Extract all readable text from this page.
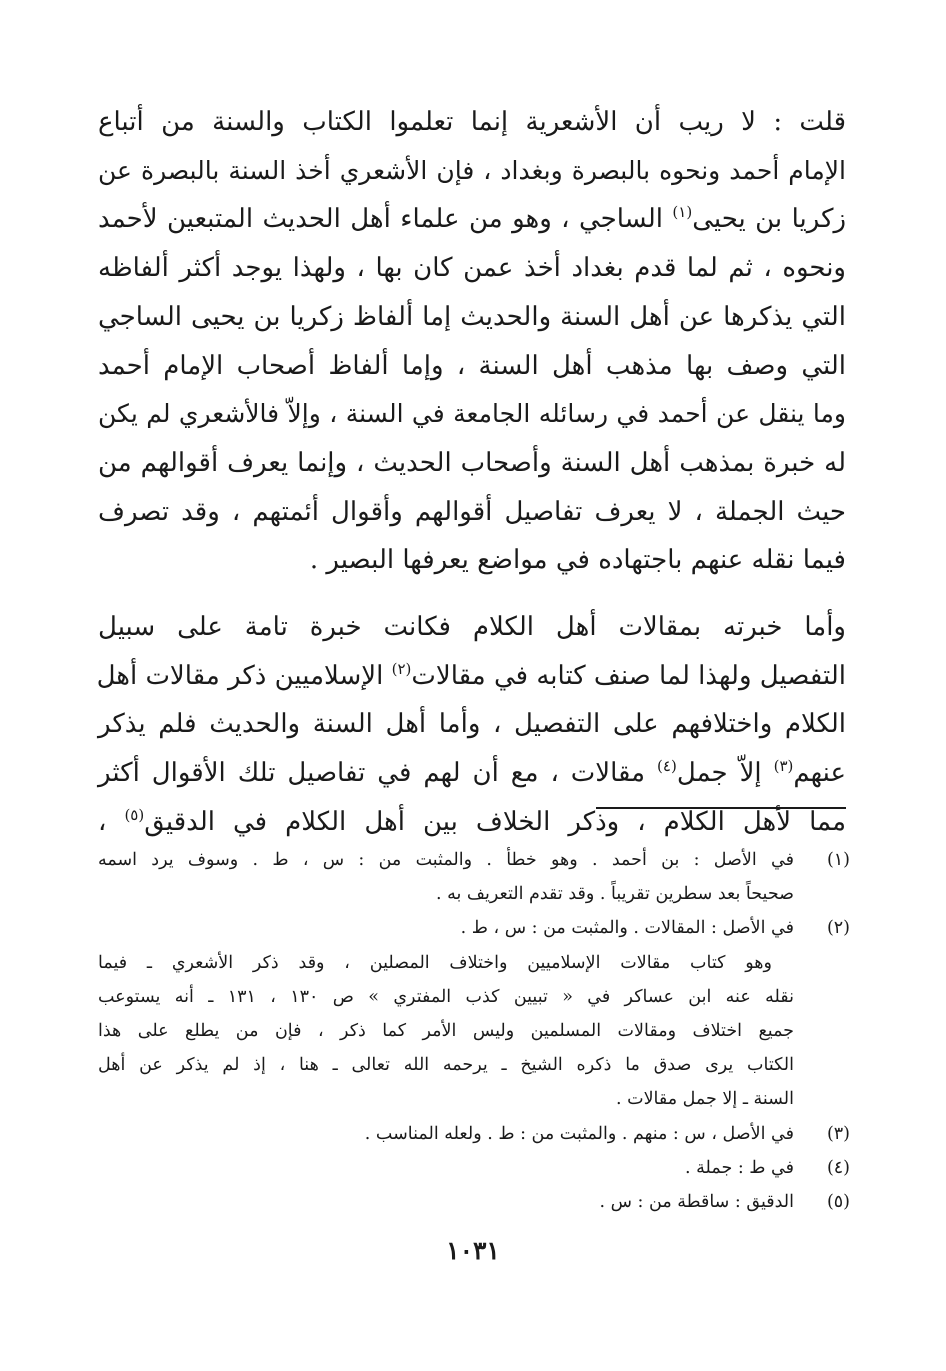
قلت : لا ريب أن الأشعرية إنما تعلموا الكتاب والسنة من أتباع
الإمام أحمد ونحوه بالبصرة وبغداد ، فإن الأشعري أخذ السنة بالبصرة عن
زكريا بن يحيى$^{(١)}$ الساجي ، وهو من علماء أهل الحديث المتبعين لأحمد
ونحوه ، ثم لما قدم بغداد أخذ عمن كان بها ، ولهذا يوجد أكثر ألفاظه
التي يذكرها عن أهل السنة والحديث إما ألفاظ زكريا بن يحيى الساجي
التي وصف بها مذهب أهل السنة ، وإما ألفاظ أصحاب الإمام أحمد
وما ينقل عن أحمد في رسائله الجامعة في السنة ، وإلاّ فالأشعري لم يكن
له خبرة بمذهب أهل السنة وأصحاب الحديث ، وإنما يعرف أقوالهم من
حيث الجملة ، لا يعرف تفاصيل أقوالهم وأقوال أئمتهم ، وقد تصرف
فيما نقله عنهم باجتهاده في مواضع يعرفها البصير .

وأما خبرته بمقالات أهل الكلام فكانت خبرة تامة على سبيل
التفصيل ولهذا لما صنف كتابه في مقالات$^{(٢)}$ الإسلاميين ذكر مقالات أهل
الكلام واختلافهم على التفصيل ، وأما أهل السنة والحديث فلم يذكر
عنهم$^{(٣)}$ إلاّ جمل$^{(٤)}$ مقالات ، مع أن لهم في تفاصيل تلك الأقوال أكثر
مما لأهل الكلام ، وذكر الخلاف بين أهل الكلام في الدقيق$^{(٥)}$ ،

(١)
في الأصل : بن أحمد . وهو خطأ . والمثبت من : س ، ط . وسوف يرد اسمه
صحيحاً بعد سطرين تقريباً . وقد تقدم التعريف به .
(٢)
في الأصل : المقالات . والمثبت من : س ، ط .
وهو كتاب مقالات الإسلاميين واختلاف المصلين ، وقد ذكر الأشعري ـ فيما
نقله عنه ابن عساكر في « تبيين كذب المفتري » ص ١٣٠ ، ١٣١ ـ أنه يستوعب
جميع اختلاف ومقالات المسلمين وليس الأمر كما ذكر ، فإن من يطلع على هذا
الكتاب يرى صدق ما ذكره الشيخ ـ يرحمه الله تعالى ـ هنا ، إذ لم يذكر عن أهل
السنة ـ إلا جمل مقالات .
(٣)
في الأصل ، س : منهم . والمثبت من : ط . ولعله المناسب .
(٤)
في ط : جملة .
(٥)
الدقيق : ساقطة من : س .
١٠٣١
